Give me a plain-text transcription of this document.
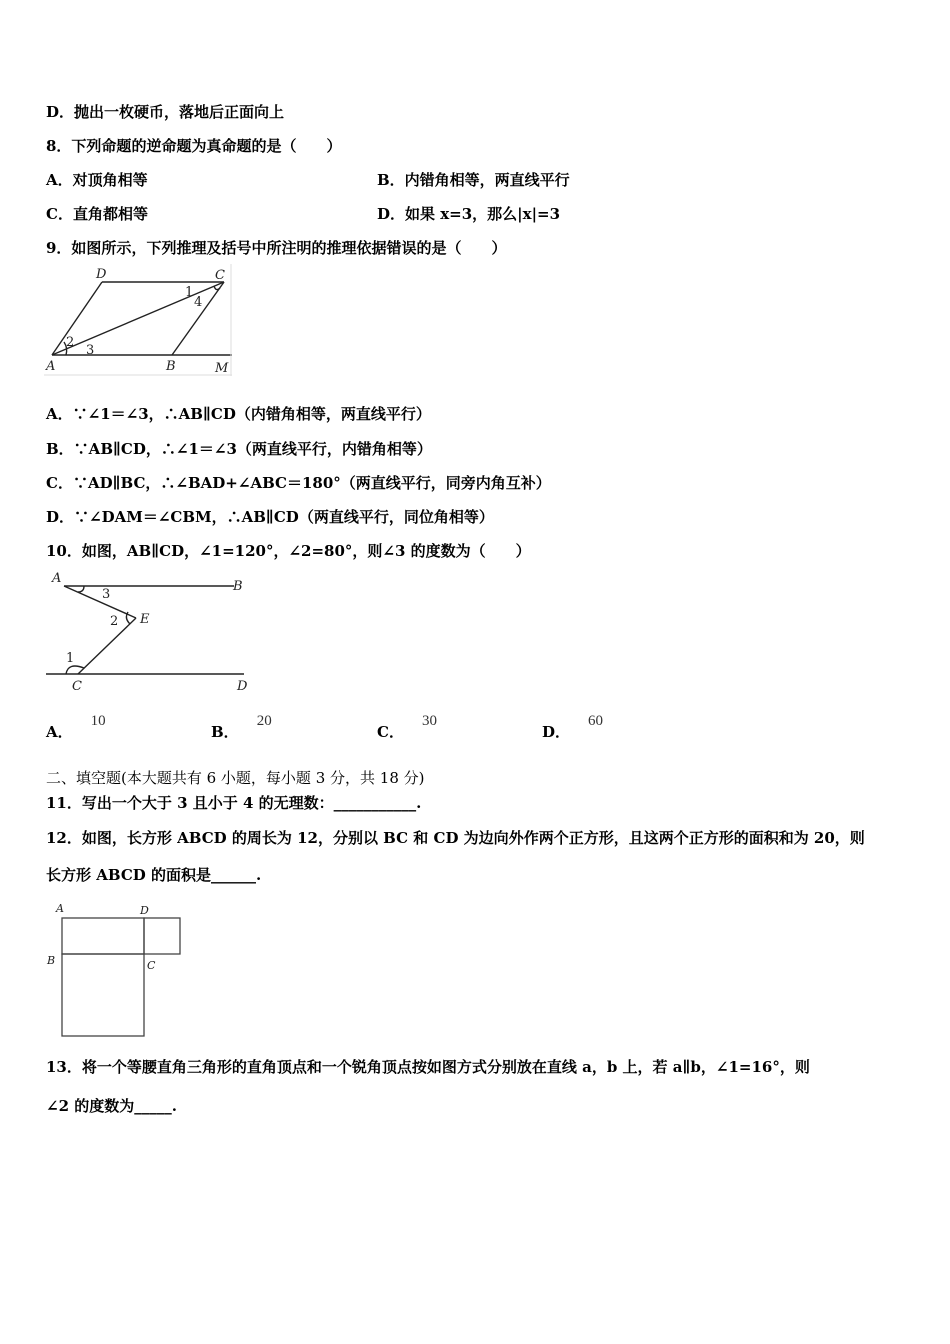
D．抛出一枚硬币，落地后正面向上
8．下列命题的逆命题为真命题的是（　　）
A．对顶角相等	B．内错角相等，两直线平行
C．直角都相等	D．如果 x=3，那么|x|=3
9．如图所示，下列推理及括号中所注明的推理依据错误的是（　　）
D	C
A	B	M
1
2
3
4
A．∵∠1＝∠3，∴AB∥CD（内错角相等，两直线平行）
B．∵AB∥CD，∴∠1＝∠3（两直线平行，内错角相等）
C．∵AD∥BC，∴∠BAD+∠ABC＝180°（两直线平行，同旁内角互补）
D．∵∠DAM＝∠CBM，∴AB∥CD（两直线平行，同位角相等）
10．如图，AB∥CD，∠1=120°，∠2=80°，则∠3 的度数为（　　）
A
B
E
C	D
1
2
3
A．10
B．20
C．30
D．60
二、填空题(本大题共有 6 小题，每小题 3 分，共 18 分)
11．写出一个大于 3 且小于 4 的无理数：___________.
12．如图，长方形 ABCD 的周长为 12，分别以 BC 和 CD 为边向外作两个正方形，且这两个正方形的面积和为 20，则
长方形 ABCD 的面积是______.
A	D
B	C
13．将一个等腰直角三角形的直角顶点和一个锐角顶点按如图方式分别放在直线 a，b 上，若 a∥b，∠1=16°，则
∠2 的度数为_____.
